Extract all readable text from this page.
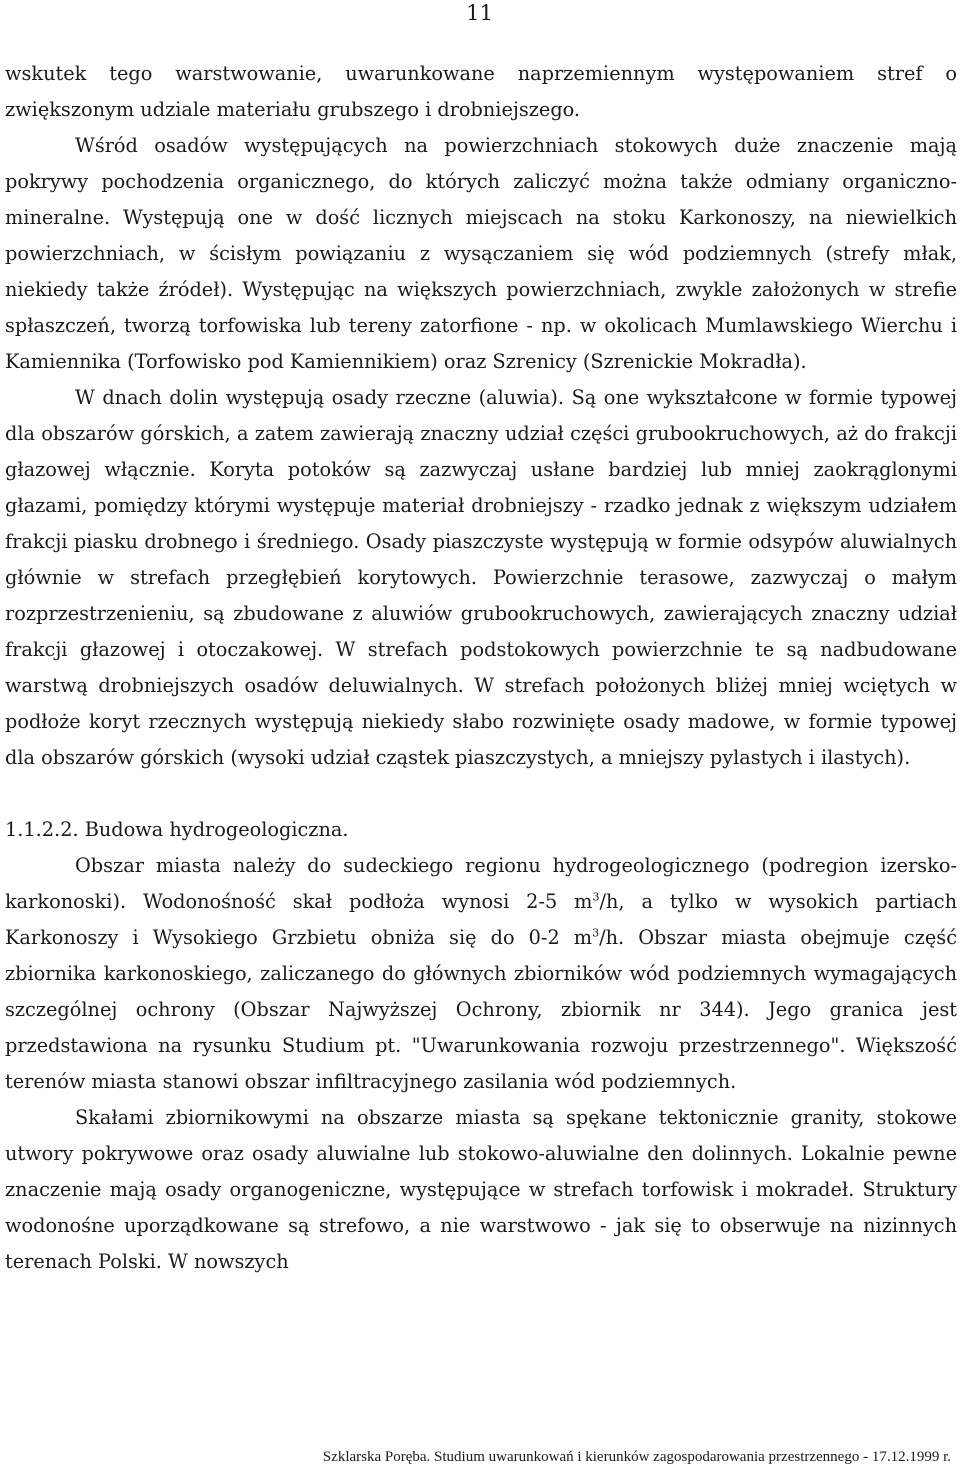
11

wskutek tego warstwowanie, uwarunkowane naprzemiennym występowaniem stref o zwiększonym udziale materiału grubszego i drobniejszego.

Wśród osadów występujących na powierzchniach stokowych duże znaczenie mają pokrywy pochodzenia organicznego, do których zaliczyć można także odmiany organiczno-mineralne. Występują one w dość licznych miejscach na stoku Karkonoszy, na niewielkich powierzchniach, w ścisłym powiązaniu z wysączaniem się wód podziemnych (strefy młak, niekiedy także źródeł). Występując na większych powierzchniach, zwykle założonych w strefie spłaszczeń, tworzą torfowiska lub tereny zatorfione - np. w okolicach Mumlawskiego Wierchu i Kamiennika (Torfowisko pod Kamiennikiem) oraz Szrenicy (Szrenickie Mokradła).

W dnach dolin występują osady rzeczne (aluwia). Są one wykształcone w formie typowej dla obszarów górskich, a zatem zawierają znaczny udział części grubookruchowych, aż do frakcji głazowej włącznie. Koryta potoków są zazwyczaj usłane bardziej lub mniej zaokrąglonymi głazami, pomiędzy którymi występuje materiał drobniejszy - rzadko jednak z większym udziałem frakcji piasku drobnego i średniego. Osady piaszczyste występują w formie odsypów aluwialnych głównie w strefach przegłębień korytowych. Powierzchnie terasowe, zazwyczaj o małym rozprzestrzenieniu, są zbudowane z aluwiów grubookruchowych, zawierających znaczny udział frakcji głazowej i otoczakowej. W strefach podstokowych powierzchnie te są nadbudowane warstwą drobniejszych osadów deluwialnych. W strefach położonych bliżej mniej wciętych w podłoże koryt rzecznych występują niekiedy słabo rozwinięte osady madowe, w formie typowej dla obszarów górskich (wysoki udział cząstek piaszczystych, a mniejszy pylastych i ilastych).

1.1.2.2. Budowa hydrogeologiczna.

Obszar miasta należy do sudeckiego regionu hydrogeologicznego (podregion izersko-karkonoski). Wodonośność skał podłoża wynosi 2-5 $m^3/h$, a tylko w wysokich partiach Karkonoszy i Wysokiego Grzbietu obniża się do 0-2 $m^3/h$. Obszar miasta obejmuje część zbiornika karkonoskiego, zaliczanego do głównych zbiorników wód podziemnych wymagających szczególnej ochrony (Obszar Najwyższej Ochrony, zbiornik nr 344). Jego granica jest przedstawiona na rysunku Studium pt. "Uwarunkowania rozwoju przestrzennego". Większość terenów miasta stanowi obszar infiltracyjnego zasilania wód podziemnych.

Skałami zbiornikowymi na obszarze miasta są spękane tektonicznie granity, stokowe utwory pokrywowe oraz osady aluwialne lub stokowo-aluwialne den dolinnych. Lokalnie pewne znaczenie mają osady organogeniczne, występujące w strefach torfowisk i mokradeł. Struktury wodonośne uporządkowane są strefowo, a nie warstwowo - jak się to obserwuje na nizinnych terenach Polski. W nowszych

Szklarska Poręba. Studium uwarunkowań i kierunków zagospodarowania przestrzennego - 17.12.1999 r.
